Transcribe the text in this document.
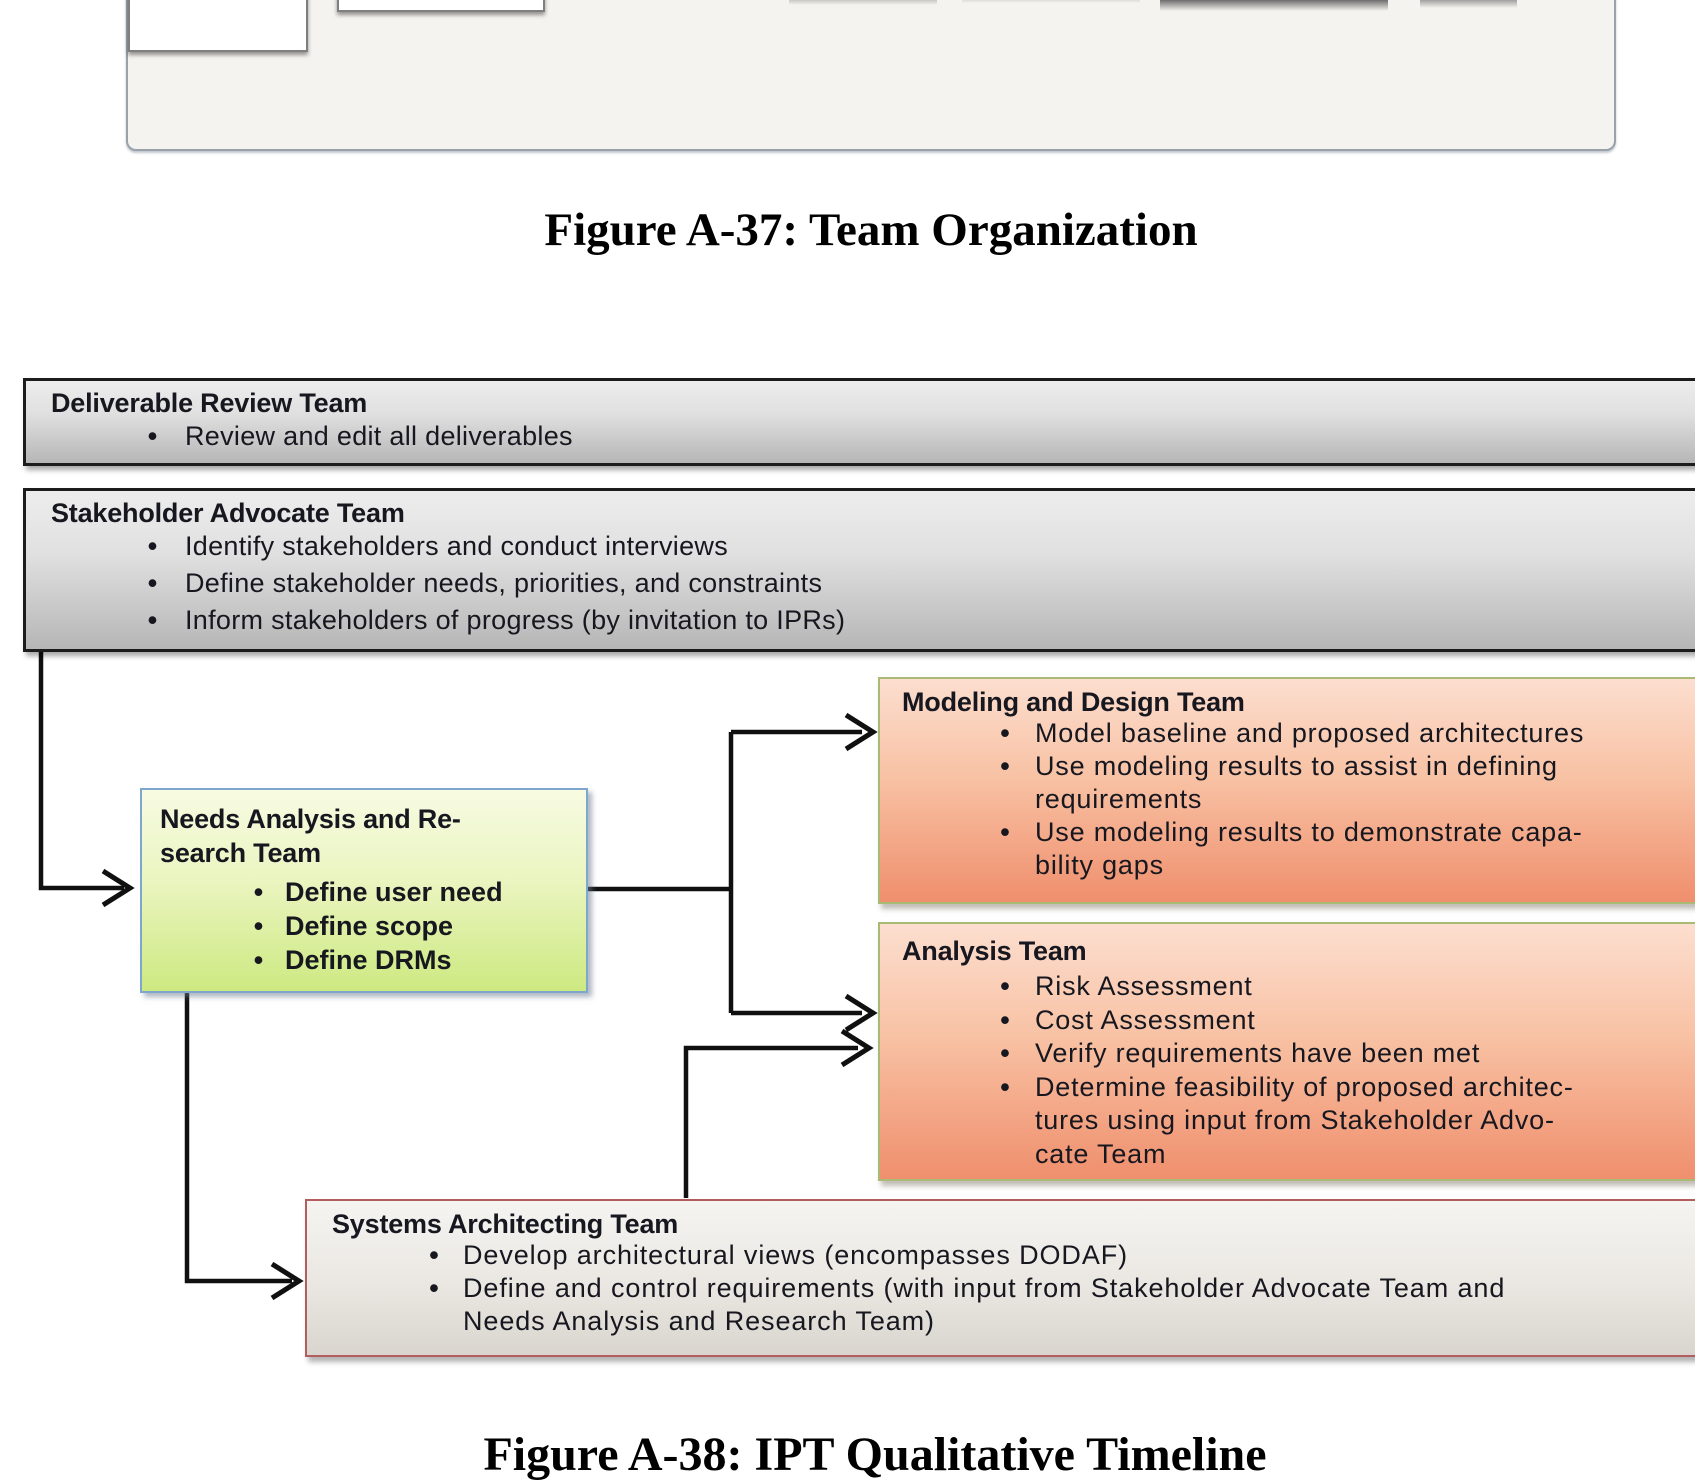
Figure A-37: Team Organization
Figure A-38: IPT Qualitative Timeline
Deliverable Review Team
•	Review and edit all deliverables
Stakeholder Advocate Team
•	Identify stakeholders and conduct interviews
•	Define stakeholder needs, priorities, and constraints
•	Inform stakeholders of progress (by invitation to IPRs)
Needs Analysis and Re-
search Team
• Define user need
• Define scope
• Define DRMs
Modeling and Design Team
• Model baseline and proposed architectures
• Use modeling results to assist in defining
requirements
• Use modeling results to demonstrate capa-
bility gaps
Analysis Team
• Risk Assessment
• Cost Assessment
• Verify requirements have been met
• Determine feasibility of proposed architec-
tures using input from Stakeholder Advo-
cate Team
Systems Architecting Team
• Develop architectural views (encompasses DODAF)
• Define and control requirements (with input from Stakeholder Advocate Team and
Needs Analysis and Research Team)
